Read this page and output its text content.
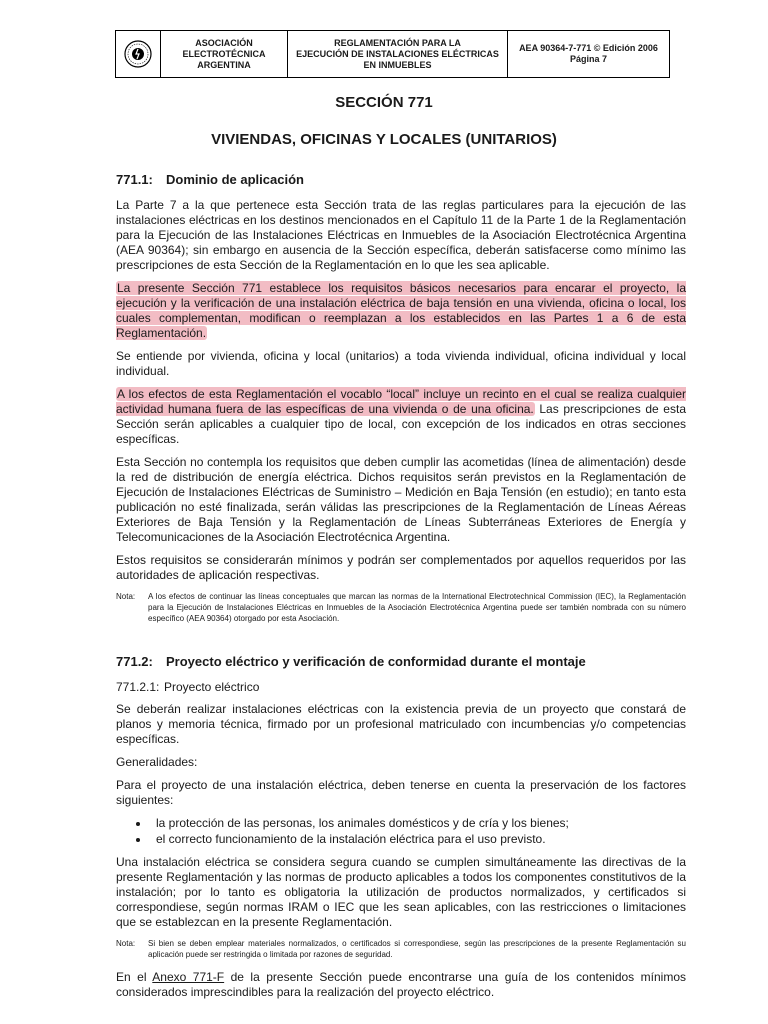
ASOCIACIÓN
ELECTROTÉCNICA
ARGENTINA
REGLAMENTACIÓN PARA LA
EJECUCIÓN DE INSTALACIONES ELÉCTRICAS
EN INMUEBLES
AEA 90364-7-771 © Edición 2006
Página 7
SECCIÓN 771
VIVIENDAS, OFICINAS Y LOCALES (UNITARIOS)
771.1: Dominio de aplicación

La Parte 7 a la que pertenece esta Sección trata de las reglas particulares para la ejecución de las instalaciones eléctricas en los destinos mencionados en el Capítulo 11 de la Parte 1 de la Reglamentación para la Ejecución de las Instalaciones Eléctricas en Inmuebles de la Asociación Electrotécnica Argentina (AEA 90364); sin embargo en ausencia de la Sección específica, deberán satisfacerse como mínimo las prescripciones de esta Sección de la Reglamentación en lo que les sea aplicable.

La presente Sección 771 establece los requisitos básicos necesarios para encarar el proyecto, la ejecución y la verificación de una instalación eléctrica de baja tensión en una vivienda, oficina o local, los cuales complementan, modifican o reemplazan a los establecidos en las Partes 1 a 6 de esta Reglamentación.

Se entiende por vivienda, oficina y local (unitarios) a toda vivienda individual, oficina individual y local individual.

A los efectos de esta Reglamentación el vocablo “local” incluye un recinto en el cual se realiza cualquier actividad humana fuera de las específicas de una vivienda o de una oficina. Las prescripciones de esta Sección serán aplicables a cualquier tipo de local, con excepción de los indicados en otras secciones específicas.

Esta Sección no contempla los requisitos que deben cumplir las acometidas (línea de alimentación) desde la red de distribución de energía eléctrica. Dichos requisitos serán previstos en la Reglamentación de Ejecución de Instalaciones Eléctricas de Suministro – Medición en Baja Tensión (en estudio); en tanto esta publicación no esté finalizada, serán válidas las prescripciones de la Reglamentación de Líneas Aéreas Exteriores de Baja Tensión y la Reglamentación de Líneas Subterráneas Exteriores de Energía y Telecomunicaciones de la Asociación Electrotécnica Argentina.

Estos requisitos se considerarán mínimos y podrán ser complementados por aquellos requeridos por las autoridades de aplicación respectivas.

Nota:	A los efectos de continuar las líneas conceptuales que marcan las normas de la International Electrotechnical Commission (IEC), la Reglamentación para la Ejecución de Instalaciones Eléctricas en Inmuebles de la Asociación Electrotécnica Argentina puede ser también nombrada con su número específico (AEA 90364) otorgado por esta Asociación.
771.2: Proyecto eléctrico y verificación de conformidad durante el montaje
771.2.1: Proyecto eléctrico

Se deberán realizar instalaciones eléctricas con la existencia previa de un proyecto que constará de planos y memoria técnica, firmado por un profesional matriculado con incumbencias y/o competencias específicas.

Generalidades:

Para el proyecto de una instalación eléctrica, deben tenerse en cuenta la preservación de los factores siguientes:

• la protección de las personas, los animales domésticos y de cría y los bienes;
• el correcto funcionamiento de la instalación eléctrica para el uso previsto.

Una instalación eléctrica se considera segura cuando se cumplen simultáneamente las directivas de la presente Reglamentación y las normas de producto aplicables a todos los componentes constitutivos de la instalación; por lo tanto es obligatoria la utilización de productos normalizados, y certificados si correspondiese, según normas IRAM o IEC que les sean aplicables, con las restricciones o limitaciones que se establezcan en la presente Reglamentación.

Nota:	Si bien se deben emplear materiales normalizados, o certificados si correspondiese, según las prescripciones de la presente Reglamentación su aplicación puede ser restringida o limitada por razones de seguridad.

En el Anexo 771-F de la presente Sección puede encontrarse una guía de los contenidos mínimos considerados imprescindibles para la realización del proyecto eléctrico.
